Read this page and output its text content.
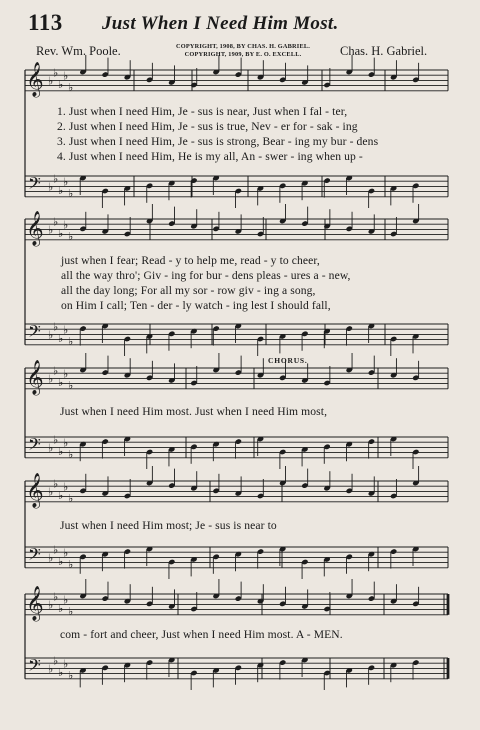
113 Just When I Need Him Most.
Rev. Wm. Poole.	COPYRIGHT, 1908, BY CHAS. H. GABRIEL.
COPYRIGHT, 1909, BY E. O. EXCELL.	Chas. H. Gabriel.
𝄞
𝄢
♭
♭
♭
♭
♭
♭
♭
♭
♭
♭
𝄞
𝄢
♭
♭
♭
♭
♭
♭
♭
♭
♭
♭
𝄞
𝄢
♭
♭
♭
♭
♭
♭
♭
♭
♭
♭
𝄞
𝄢
♭
♭
♭
♭
♭
♭
♭
♭
♭
♭
𝄞
𝄢
♭
♭
♭
♭
♭
♭
♭
♭
♭
♭
1. Just when I need Him, Je - sus is near, Just when I fal - ter,
2. Just when I need Him, Je - sus is true, Nev - er for - sak - ing
3. Just when I need Him, Je - sus is strong, Bear - ing my bur - dens
4. Just when I need Him, He is my all, An - swer - ing when up -
just when I fear; Read - y to help me, read - y to cheer,
all the way thro'; Giv - ing for bur - dens pleas - ures a - new,
all the day long; For all my sor - row giv - ing a song,
on Him I call; Ten - der - ly watch - ing lest I should fall,
CHORUS.
Just when I need Him most. Just when I need Him most,
Just when I need Him most; Je - sus is near to
com - fort and cheer, Just when I need Him most. A - MEN.
